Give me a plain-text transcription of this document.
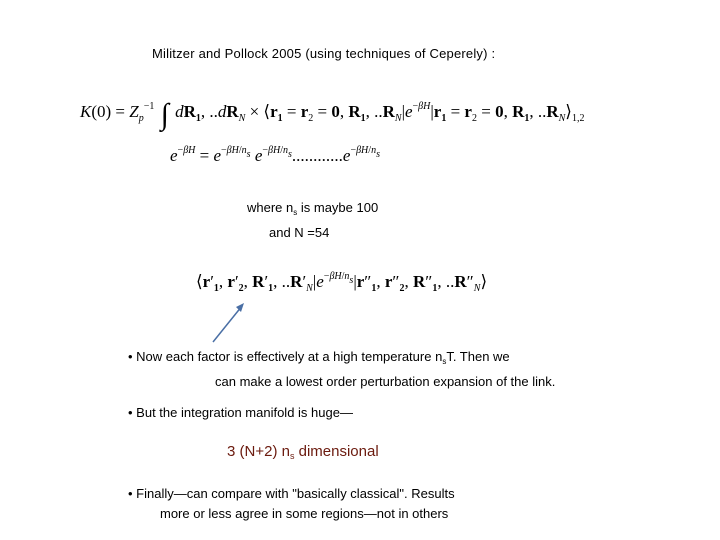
Militzer and Pollock 2005 (using techniques of Ceperely) :
$K(0) = Z_p^{-1}$ ∫ $dR_1$, $..dR_N$ × $⟨r_1 = r_2 = 0$, $R_1$, $..R_N|e^{-\beta H}|r_1 = r_2 = 0$, $R_1$, $..R_N⟩_{1,2}$
$e^{-\beta H} = e^{-\beta H/n_s}$ $e^{-\beta H/n_s}............e^{-\beta H/n_s}$
where $n_s$ is maybe 100
and N =54
$⟨r'_1$, $r'_2$, $R'_1$, $..R'_N|e^{-\beta H/n_s}|r''_1$, $r''_2$, $R''_1$, $..R''_N⟩$
• Now each factor is effectively at a high temperature $n_sT$. Then we
can make a lowest order perturbation expansion of the link.
• But the integration manifold is huge—
3 (N+2) $n_s$ dimensional
• Finally—can compare with "basically classical". Results
more or less agree in some regions—not in others
